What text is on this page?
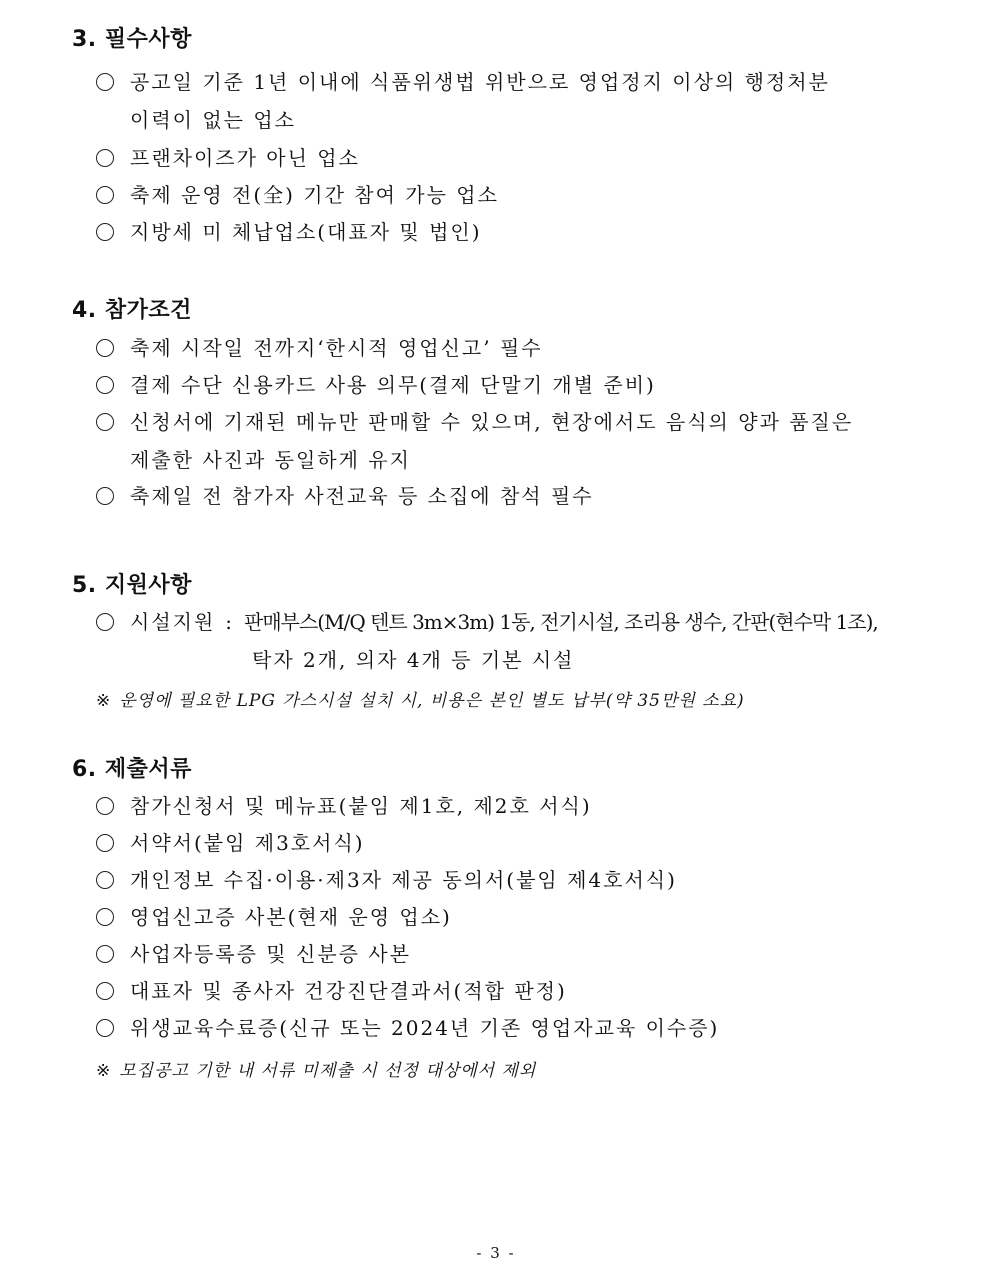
3. 필수사항
공고일 기준 1년 이내에 식품위생법 위반으로 영업정지 이상의 행정처분
이력이 없는 업소
프랜차이즈가 아닌 업소
축제 운영 전(全) 기간 참여 가능 업소
지방세 미 체납업소(대표자 및 법인)
4. 참가조건
축제 시작일 전까지‘한시적 영업신고’ 필수
결제 수단 신용카드 사용 의무(결제 단말기 개별 준비)
신청서에 기재된 메뉴만 판매할 수 있으며, 현장에서도 음식의 양과 품질은
제출한 사진과 동일하게 유지
축제일 전 참가자 사전교육 등 소집에 참석 필수
5. 지원사항
시설지원 : 판매부스(M/Q 텐트 3m×3m) 1동, 전기시설, 조리용 생수, 간판(현수막 1조),
탁자 2개, 의자 4개 등 기본 시설
※ 운영에 필요한 LPG 가스시설 설치 시, 비용은 본인 별도 납부(약 35만원 소요)
6. 제출서류
참가신청서 및 메뉴표(붙임 제1호, 제2호 서식)
서약서(붙임 제3호서식)
개인정보 수집·이용·제3자 제공 동의서(붙임 제4호서식)
영업신고증 사본(현재 운영 업소)
사업자등록증 및 신분증 사본
대표자 및 종사자 건강진단결과서(적합 판정)
위생교육수료증(신규 또는 2024년 기존 영업자교육 이수증)
※ 모집공고 기한 내 서류 미제출 시 선정 대상에서 제외
- 3 -
